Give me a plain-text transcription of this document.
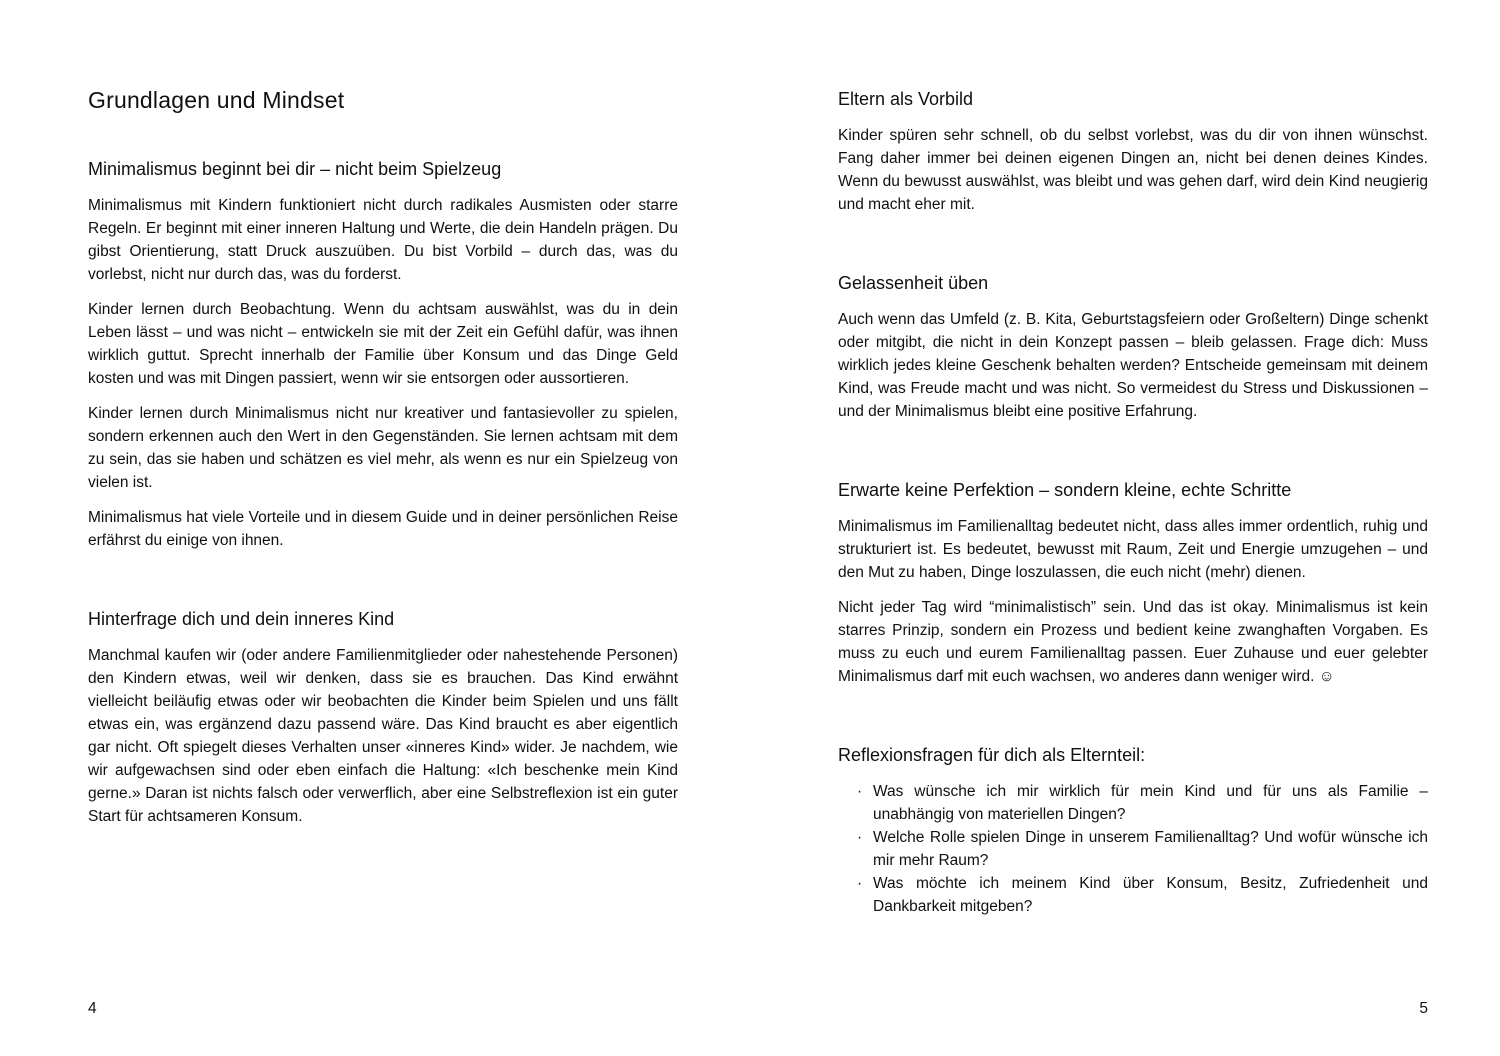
Grundlagen und Mindset
Minimalismus beginnt bei dir – nicht beim Spielzeug

Minimalismus mit Kindern funktioniert nicht durch radikales Ausmisten oder starre Regeln. Er beginnt mit einer inneren Haltung und Werte, die dein Handeln prägen. Du gibst Orientierung, statt Druck auszuüben. Du bist Vorbild – durch das, was du vorlebst, nicht nur durch das, was du forderst.

Kinder lernen durch Beobachtung. Wenn du achtsam auswählst, was du in dein Leben lässt – und was nicht – entwickeln sie mit der Zeit ein Gefühl dafür, was ihnen wirklich guttut. Sprecht innerhalb der Familie über Konsum und das Dinge Geld kosten und was mit Dingen passiert, wenn wir sie entsorgen oder aussortieren.

Kinder lernen durch Minimalismus nicht nur kreativer und fantasievoller zu spielen, sondern erkennen auch den Wert in den Gegenständen. Sie lernen achtsam mit dem zu sein, das sie haben und schätzen es viel mehr, als wenn es nur ein Spielzeug von vielen ist.

Minimalismus hat viele Vorteile und in diesem Guide und in deiner persönlichen Reise erfährst du einige von ihnen.

Hinterfrage dich und dein inneres Kind

Manchmal kaufen wir (oder andere Familienmitglieder oder nahestehende Personen) den Kindern etwas, weil wir denken, dass sie es brauchen. Das Kind erwähnt vielleicht beiläufig etwas oder wir beobachten die Kinder beim Spielen und uns fällt etwas ein, was ergänzend dazu passend wäre. Das Kind braucht es aber eigentlich gar nicht. Oft spiegelt dieses Verhalten unser «inneres Kind» wider. Je nachdem, wie wir aufgewachsen sind oder eben einfach die Haltung: «Ich beschenke mein Kind gerne.» Daran ist nichts falsch oder verwerflich, aber eine Selbstreflexion ist ein guter Start für achtsameren Konsum.

Eltern als Vorbild

Kinder spüren sehr schnell, ob du selbst vorlebst, was du dir von ihnen wünschst. Fang daher immer bei deinen eigenen Dingen an, nicht bei denen deines Kindes. Wenn du bewusst auswählst, was bleibt und was gehen darf, wird dein Kind neugierig und macht eher mit.

Gelassenheit üben

Auch wenn das Umfeld (z. B. Kita, Geburtstagsfeiern oder Großeltern) Dinge schenkt oder mitgibt, die nicht in dein Konzept passen – bleib gelassen. Frage dich: Muss wirklich jedes kleine Geschenk behalten werden? Entscheide gemeinsam mit deinem Kind, was Freude macht und was nicht. So vermeidest du Stress und Diskussionen – und der Minimalismus bleibt eine positive Erfahrung.

Erwarte keine Perfektion – sondern kleine, echte Schritte

Minimalismus im Familienalltag bedeutet nicht, dass alles immer ordentlich, ruhig und strukturiert ist. Es bedeutet, bewusst mit Raum, Zeit und Energie umzugehen – und den Mut zu haben, Dinge loszulassen, die euch nicht (mehr) dienen.

Nicht jeder Tag wird “minimalistisch” sein. Und das ist okay. Minimalismus ist kein starres Prinzip, sondern ein Prozess und bedient keine zwanghaften Vorgaben. Es muss zu euch und eurem Familienalltag passen. Euer Zuhause und euer gelebter Minimalismus darf mit euch wachsen, wo anderes dann weniger wird. ☺

Reflexionsfragen für dich als Elternteil:
· Was wünsche ich mir wirklich für mein Kind und für uns als Familie – unabhängig von materiellen Dingen?
· Welche Rolle spielen Dinge in unserem Familienalltag? Und wofür wünsche ich mir mehr Raum?
· Was möchte ich meinem Kind über Konsum, Besitz, Zufriedenheit und Dankbarkeit mitgeben?
4	5
